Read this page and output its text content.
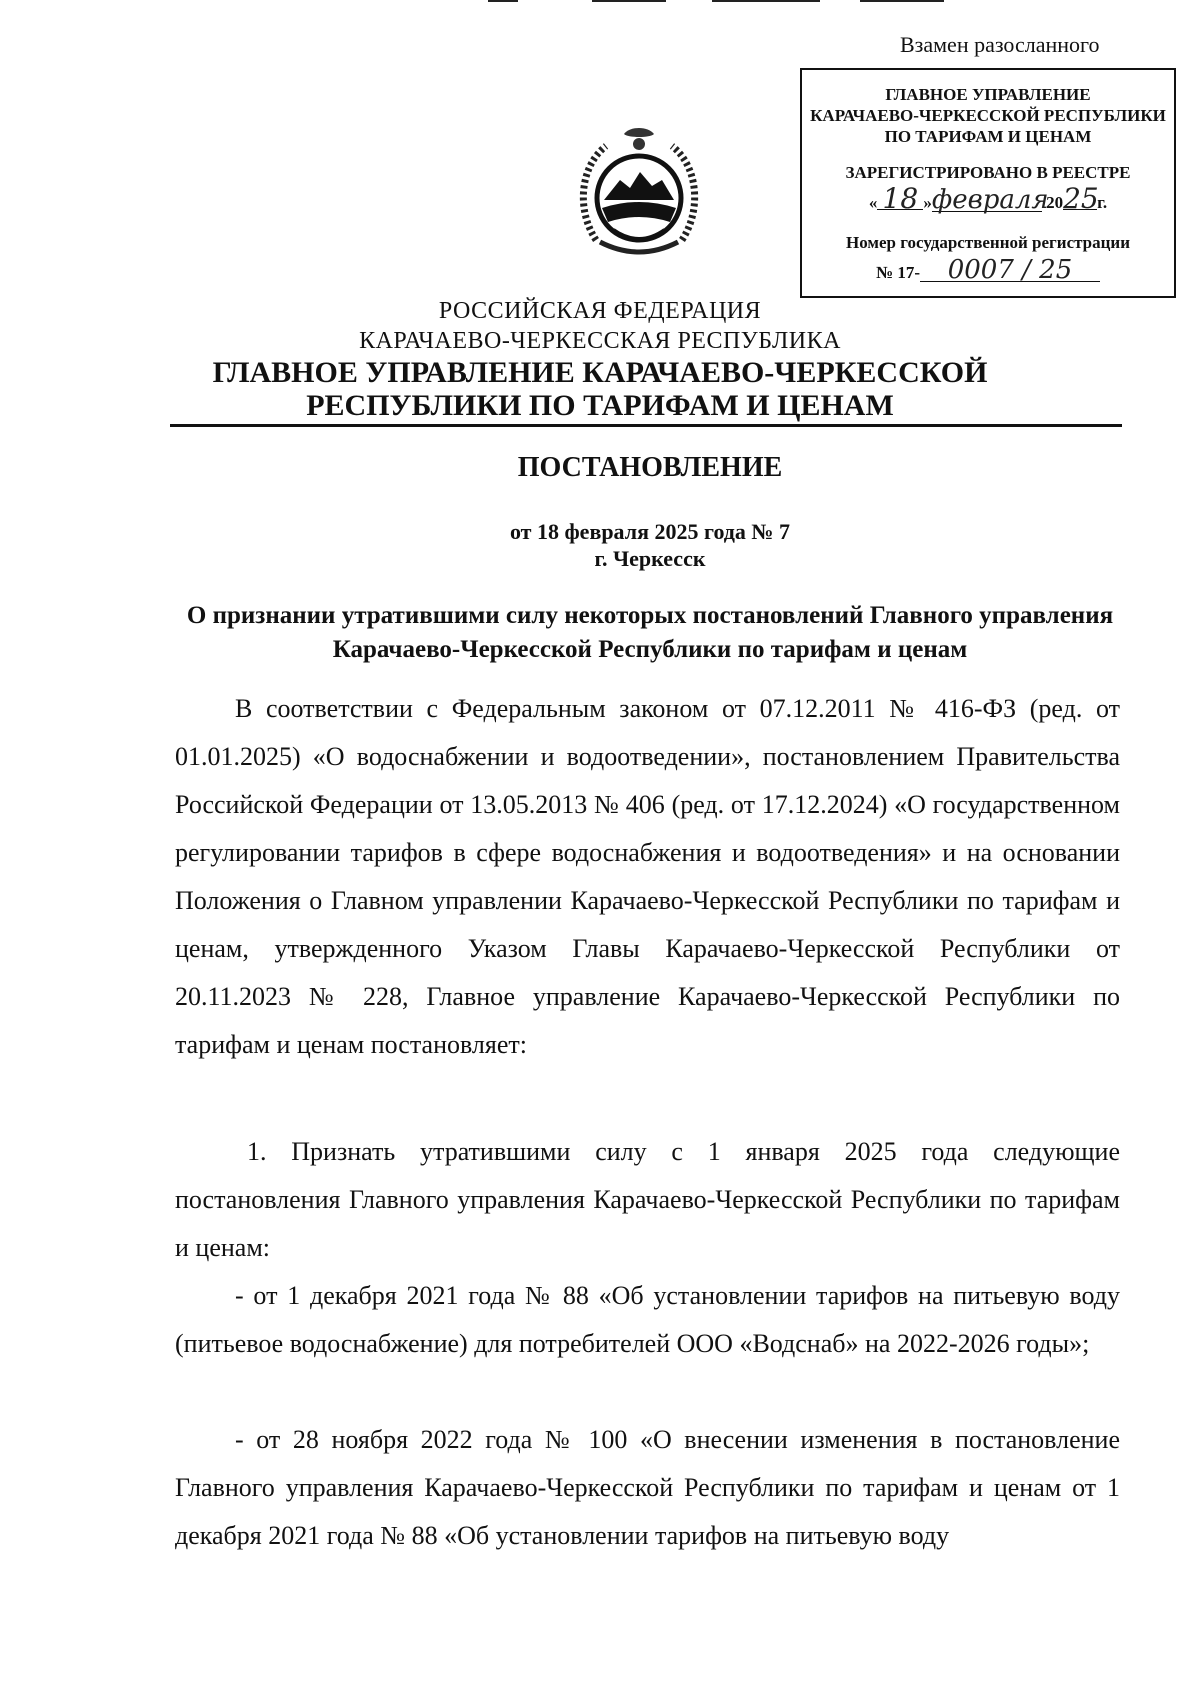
Взамен разосланного
ГЛАВНОЕ УПРАВЛЕНИЕ
КАРАЧАЕВО-ЧЕРКЕССКОЙ РЕСПУБЛИКИ
ПО ТАРИФАМ И ЦЕНАМ
ЗАРЕГИСТРИРОВАНО В РЕЕСТРЕ
« 18 »февраля 2025г.
Номер государственной регистрации
№ 17- 0007 / 25
РОССИЙСКАЯ ФЕДЕРАЦИЯ
КАРАЧАЕВО-ЧЕРКЕССКАЯ РЕСПУБЛИКА
ГЛАВНОЕ УПРАВЛЕНИЕ КАРАЧАЕВО-ЧЕРКЕССКОЙ
РЕСПУБЛИКИ ПО ТАРИФАМ И ЦЕНАМ
ПОСТАНОВЛЕНИЕ
от 18 февраля 2025 года № 7
г. Черкесск
О признании утратившими силу некоторых постановлений Главного управления Карачаево-Черкесской Республики по тарифам и ценам
В соответствии с Федеральным законом от 07.12.2011 № 416-ФЗ (ред. от 01.01.2025) «О водоснабжении и водоотведении», постановлением Правительства Российской Федерации от 13.05.2013 № 406 (ред. от 17.12.2024) «О государственном регулировании тарифов в сфере водоснабжения и водоотведения» и на основании Положения о Главном управлении Карачаево-Черкесской Республики по тарифам и ценам, утвержденного Указом Главы Карачаево-Черкесской Республики от 20.11.2023 № 228, Главное управление Карачаево-Черкесской Республики по тарифам и ценам постановляет:
1. Признать утратившими силу с 1 января 2025 года следующие постановления Главного управления Карачаево-Черкесской Республики по тарифам и ценам:
- от 1 декабря 2021 года № 88 «Об установлении тарифов на питьевую воду (питьевое водоснабжение) для потребителей ООО «Водснаб» на 2022-2026 годы»;
- от 28 ноября 2022 года № 100 «О внесении изменения в постановление Главного управления Карачаево-Черкесской Республики по тарифам и ценам от 1 декабря 2021 года № 88 «Об установлении тарифов на питьевую воду
